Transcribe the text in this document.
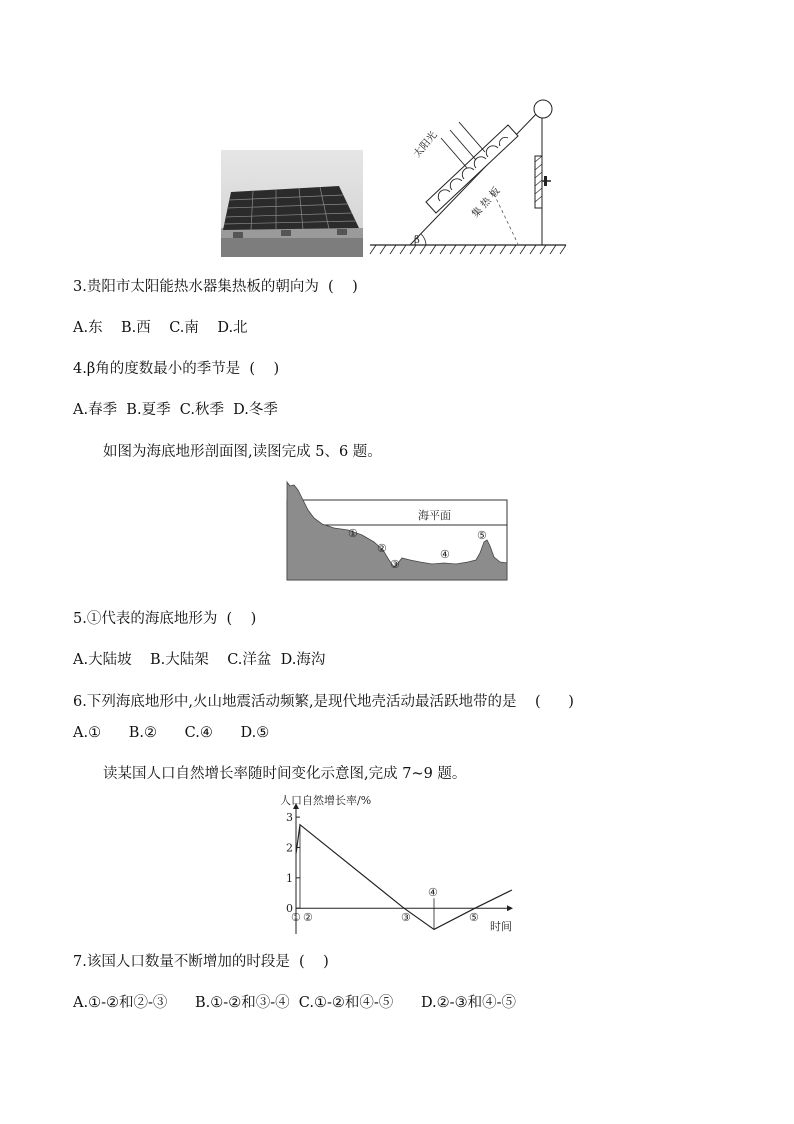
β
太阳光
集 热 板
3.贵阳市太阳能热水器集热板的朝向为  (    )
A.东    B.西    C.南    D.北
4.β角的度数最小的季节是  (    )
A.春季  B.夏季  C.秋季  D.冬季
如图为海底地形剖面图,读图完成 5、6 题。
海平面
①
②
③
④
⑤
5.①代表的海底地形为  (    )
A.大陆坡    B.大陆架    C.洋盆  D.海沟
6.下列海底地形中,火山地震活动频繁,是现代地壳活动最活跃地带的是    (      )
A.①      B.②      C.④      D.⑤
读某国人口自然增长率随时间变化示意图,完成 7~9 题。
人口自然增长率/%
时间
0
1
2
3
① ②	③
④
⑤
7.该国人口数量不断增加的时段是  (    )
A.①-②和②-③      B.①-②和③-④  C.①-②和④-⑤      D.②-③和④-⑤
